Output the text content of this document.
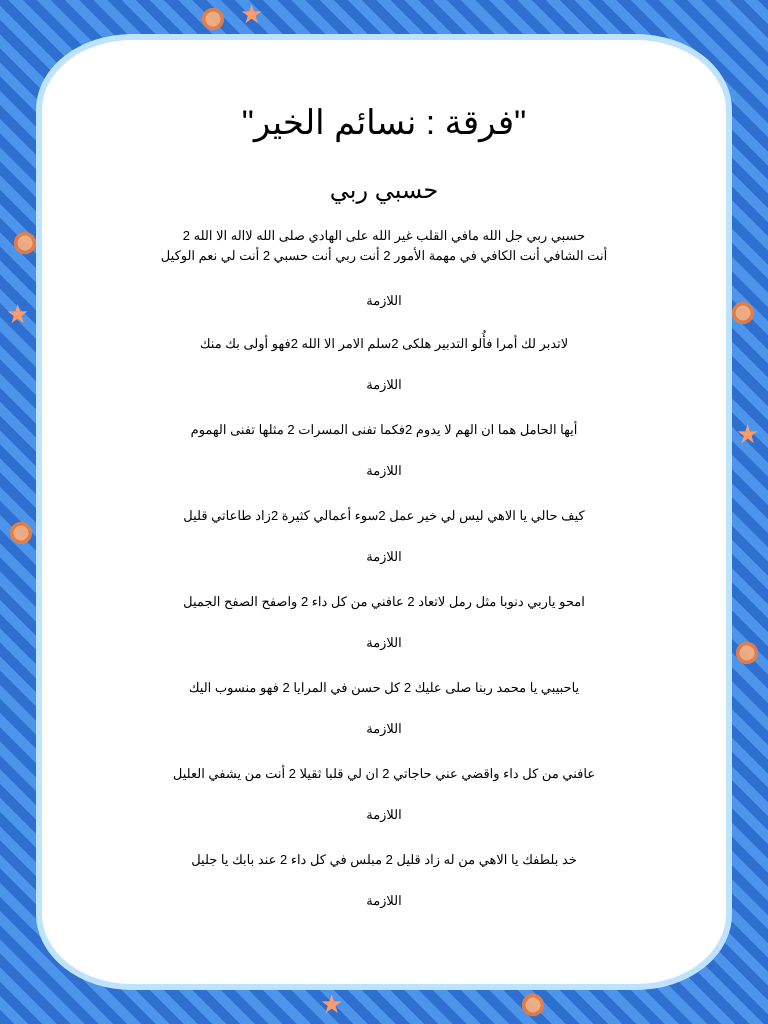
★
★
★
★
"فرقة : نسائم الخير"
حسبي ربي

حسبي ربي جل الله مافي القلب غير الله على الهادي صلى الله لااله الا الله 2

أنت الشافي أنت الكافي في مهمة الأمور 2 أنت ربي أنت حسبي 2 أنت لي نعم الوكيل

اللازمة

لاتدبر لك أمرا فأُلو التدبير هلكى 2سلم الامر الا الله 2فهو أولى بك منك

اللازمة

أيها الحامل هما ان الهم لا يدوم 2فكما تفنى المسرات 2 مثلها تفنى الهموم

اللازمة

كيف حالي يا الاهي ليس لي خير عمل 2سوء أعمالي كثيرة 2زاد طاعاتي قليل

اللازمة

امحو ياربي دنوبا مثل رمل لاتعاد 2 عافني من كل داء 2 واصفح الصفح الجميل

اللازمة

ياحبيبي يا محمد ربنا صلى عليك 2 كل حسن في المرايا 2 فهو منسوب اليك

اللازمة

عافني من كل داء واقضي عني حاجاتي 2 ان لي قلبا ثقيلا 2 أنت من يشفي العليل

اللازمة

خد بلطفك يا الاهي من له زاد قليل 2 مبلس في كل داء 2 عند بابك يا جليل

اللازمة
